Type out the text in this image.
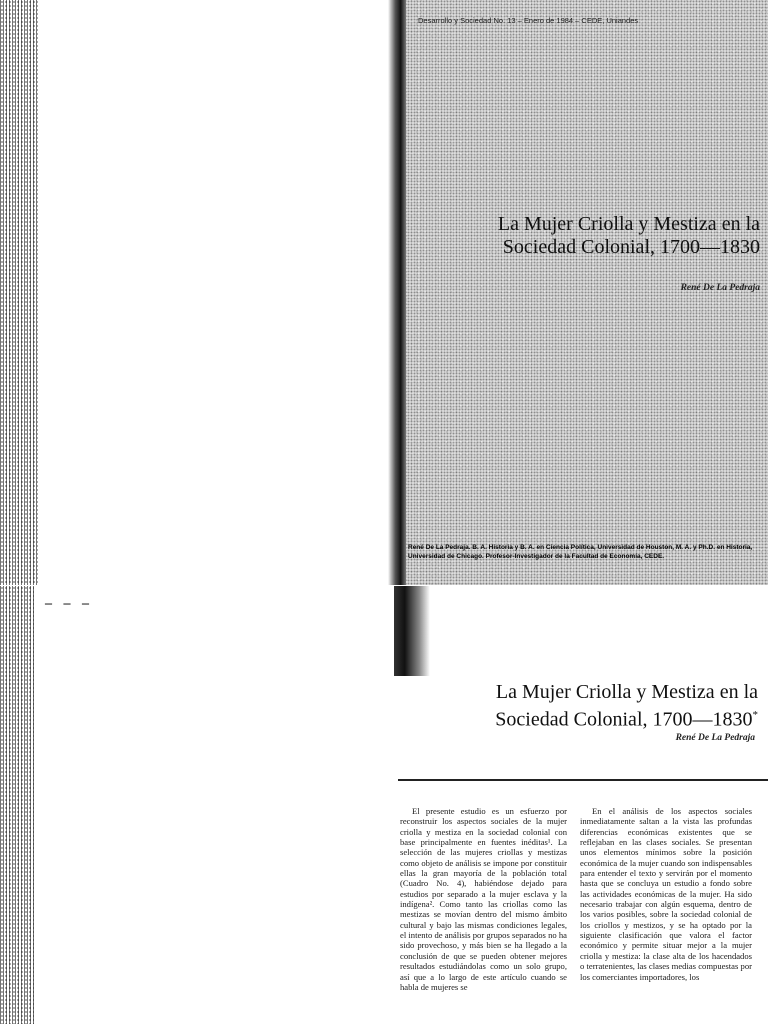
Desarrollo y Sociedad No. 13 – Enero de 1984 – CEDE, Uniandes
La Mujer Criolla y Mestiza en la
Sociedad Colonial, 1700—1830
René De La Pedraja
René De La Pedraja. B. A. Historia y B. A. en Ciencia Política, Universidad de Houston, M. A. y Ph.D. en Historia, Universidad de Chicago. Profesor-Investigador de la Facultad de Economía, CEDE.
– – –
La Mujer Criolla y Mestiza en la
Sociedad Colonial, 1700—1830*
René De La Pedraja

El presente estudio es un esfuerzo por reconstruir los aspectos sociales de la mujer criolla y mestiza en la sociedad colonial con base principalmente en fuentes inéditas¹. La selección de las mujeres criollas y mestizas como objeto de análisis se impone por constituir ellas la gran mayoría de la población total (Cuadro No. 4), habiéndose dejado para estudios por separado a la mujer esclava y la indígena². Como tanto las criollas como las mestizas se movían dentro del mismo ámbito cultural y bajo las mismas condiciones legales, el intento de análisis por grupos separados no ha sido provechoso, y más bien se ha llegado a la conclusión de que se pueden obtener mejores resultados estudiándolas como un solo grupo, así que a lo largo de este artículo cuando se habla de mujeres se

En el análisis de los aspectos sociales inmediatamente saltan a la vista las profundas diferencias económicas existentes que se reflejaban en las clases sociales. Se presentan unos elementos mínimos sobre la posición económica de la mujer cuando son indispensables para entender el texto y servirán por el momento hasta que se concluya un estudio a fondo sobre las actividades económicas de la mujer. Ha sido necesario trabajar con algún esquema, dentro de los varios posibles, sobre la sociedad colonial de los criollos y mestizos, y se ha optado por la siguiente clasificación que valora el factor económico y permite situar mejor a la mujer criolla y mestiza: la clase alta de los hacendados o terratenientes, las clases medias compuestas por los comerciantes importadores, los
